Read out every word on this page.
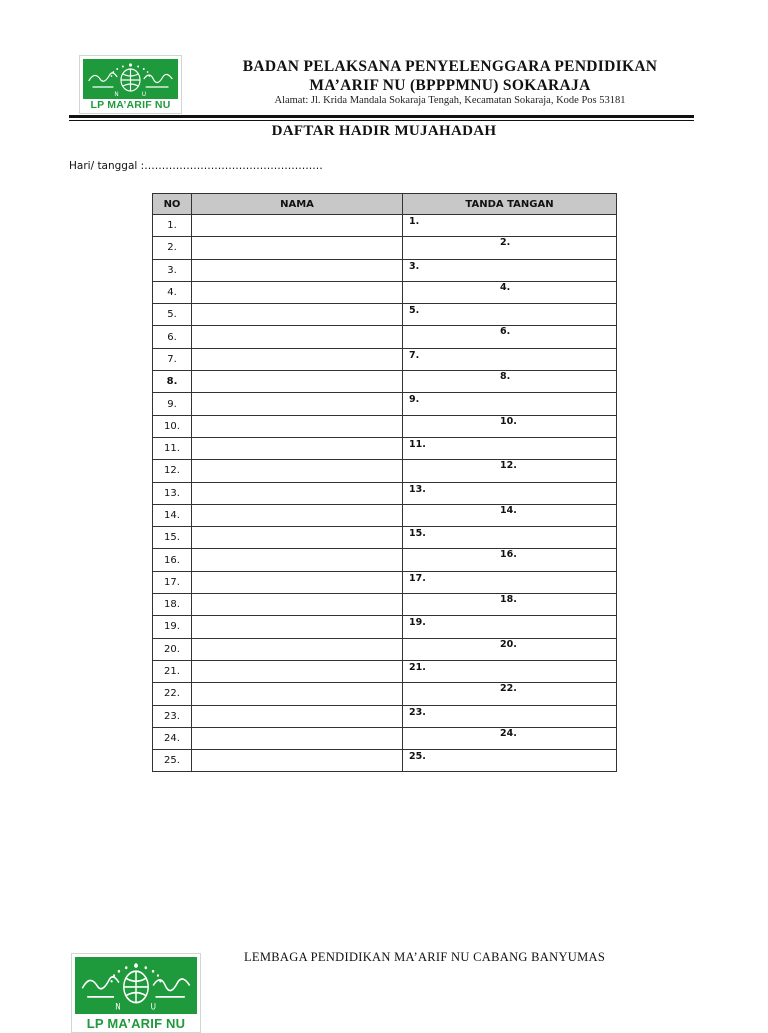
N	U
LP MA’ARIF NU
BADAN PELAKSANA PENYELENGGARA PENDIDIKAN
MA’ARIF NU (BPPPMNU) SOKARAJA
Alamat: Jl. Krida Mandala Sokaraja Tengah, Kecamatan Sokaraja, Kode Pos 53181
DAFTAR HADIR MUJAHADAH
Hari/ tanggal :……………………………………………
NO	NAMA	TANDA TANGAN
1.		1.

2.		2.

3.		3.

4.		4.

5.		5.

6.		6.

7.		7.

8.		8.

9.		9.

10.		10.

11.		11.

12.		12.

13.		13.

14.		14.

15.		15.

16.		16.

17.		17.

18.		18.

19.		19.

20.		20.

21.		21.

22.		22.

23.		23.

24.		24.

25.		25.
LEMBAGA PENDIDIKAN MA’ARIF NU CABANG BANYUMAS
N	U
LP MA’ARIF NU
